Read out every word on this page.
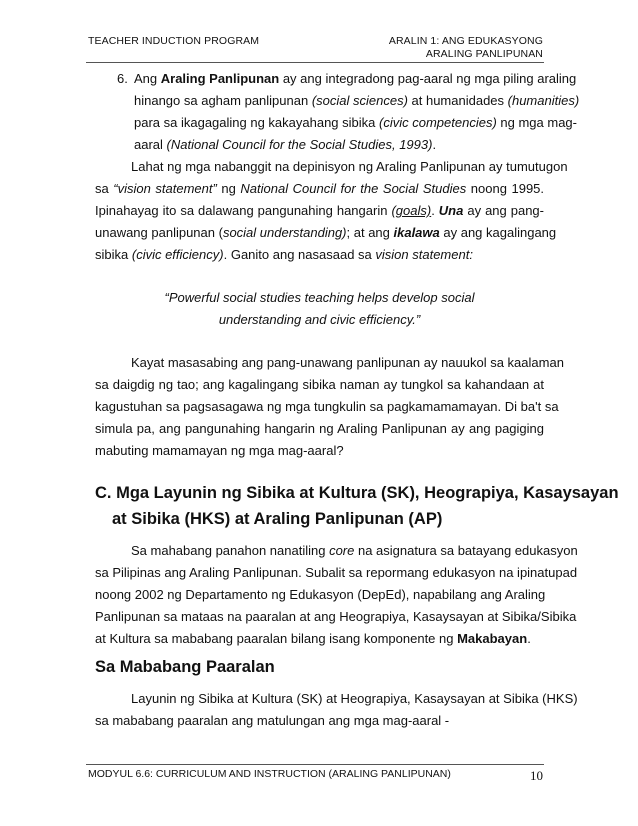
TEACHER INDUCTION PROGRAM	ARALIN 1: ANG EDUKASYONG
ARALING PANLIPUNAN
6. Ang Araling Panlipunan ay ang integradong pag-aaral ng mga piling araling
hinango sa agham panlipunan (social sciences) at humanidades (humanities)
para sa ikagagaling ng kakayahang sibika (civic competencies) ng mga mag-
aaral (National Council for the Social Studies, 1993).
Lahat ng mga nabanggit na depinisyon ng Araling Panlipunan ay tumutugon
sa “vision statement” ng National Council for the Social Studies noong 1995.
Ipinahayag ito sa dalawang pangunahing hangarin (goals). Una ay ang pang-
unawang panlipunan (social understanding); at ang ikalawa ay ang kagalingang
sibika (civic efficiency). Ganito ang nasasaad sa vision statement:
“Powerful social studies teaching helps develop social
understanding and civic efficiency.”
Kayat masasabing ang pang-unawang panlipunan ay nauukol sa kaalaman
sa daigdig ng tao; ang kagalingang sibika naman ay tungkol sa kahandaan at
kagustuhan sa pagsasagawa ng mga tungkulin sa pagkamamamayan. Di ba't sa
simula pa, ang pangunahing hangarin ng Araling Panlipunan ay ang pagiging
mabuting mamamayan ng mga mag-aaral?
C. Mga Layunin ng Sibika at Kultura (SK), Heograpiya, Kasaysayan
at Sibika (HKS) at Araling Panlipunan (AP)
Sa mahabang panahon nanatiling core na asignatura sa batayang edukasyon
sa Pilipinas ang Araling Panlipunan. Subalit sa repormang edukasyon na ipinatupad
noong 2002 ng Departamento ng Edukasyon (DepEd), napabilang ang Araling
Panlipunan sa mataas na paaralan at ang Heograpiya, Kasaysayan at Sibika/Sibika
at Kultura sa mababang paaralan bilang isang komponente ng Makabayan.
Sa Mababang Paaralan
Layunin ng Sibika at Kultura (SK) at Heograpiya, Kasaysayan at Sibika (HKS)
sa mababang paaralan ang matulungan ang mga mag-aaral -
MODYUL 6.6: CURRICULUM AND INSTRUCTION (ARALING PANLIPUNAN)	10
